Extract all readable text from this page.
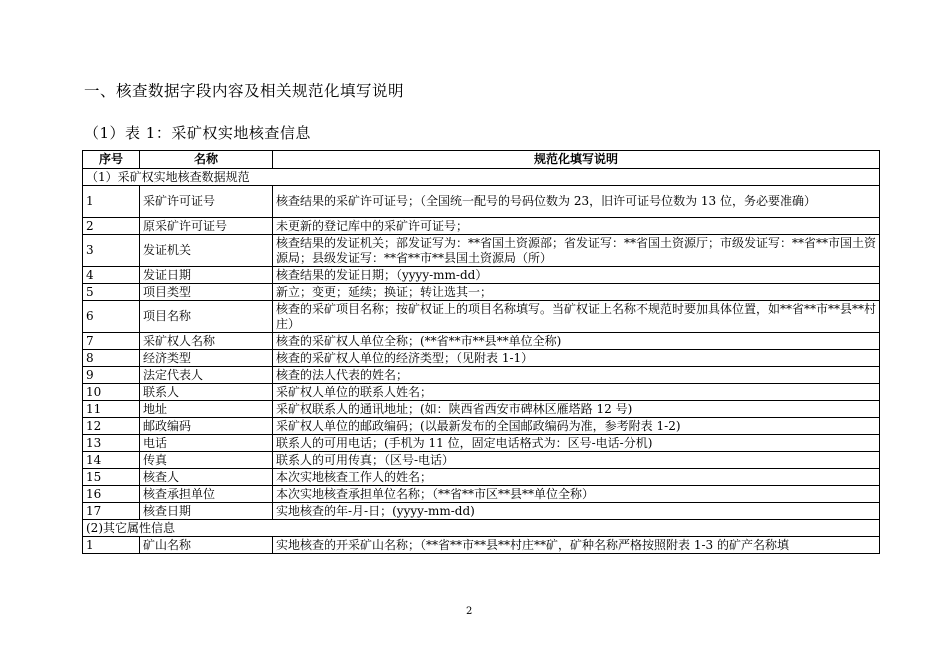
一、核查数据字段内容及相关规范化填写说明
（1）表 1：采矿权实地核查信息
序号	名称	规范化填写说明
（1）采矿权实地核查数据规范		
1	采矿许可证号	核查结果的采矿许可证号；（全国统一配号的号码位数为 23，旧许可证号位数为 13 位，务必要准确）
2	原采矿许可证号	未更新的登记库中的采矿许可证号；
3	发证机关	核查结果的发证机关；部发证写为：**省国土资源部；省发证写：**省国土资源厅；市级发证写：**省**市国土资源局；县级发证写：**省**市**县国土资源局（所）
4	发证日期	核查结果的发证日期；（yyyy-mm-dd）
5	项目类型	新立；变更；延续；换证；转让选其一；
6	项目名称	核查的采矿项目名称；按矿权证上的项目名称填写。当矿权证上名称不规范时要加具体位置，如**省**市**县**村庄）
7	采矿权人名称	核查的采矿权人单位全称；(**省**市**县**单位全称)
8	经济类型	核查的采矿权人单位的经济类型；（见附表 1-1）
9	法定代表人	核查的法人代表的姓名；
10	联系人	采矿权人单位的联系人姓名；
11	地址	采矿权联系人的通讯地址；(如：陕西省西安市碑林区雁塔路 12 号)
12	邮政编码	采矿权人单位的邮政编码；(以最新发布的全国邮政编码为准，参考附表 1-2)
13	电话	联系人的可用电话；(手机为 11 位，固定电话格式为：区号-电话-分机)
14	传真	联系人的可用传真；（区号-电话）
15	核查人	本次实地核查工作人的姓名；
16	核查承担单位	本次实地核查承担单位名称；（**省**市区**县**单位全称）
17	核查日期	实地核查的年-月-日；(yyyy-mm-dd)
(2)其它属性信息		
1	矿山名称	实地核查的开采矿山名称；（**省**市**县**村庄**矿，矿种名称严格按照附表 1-3 的矿产名称填
2
